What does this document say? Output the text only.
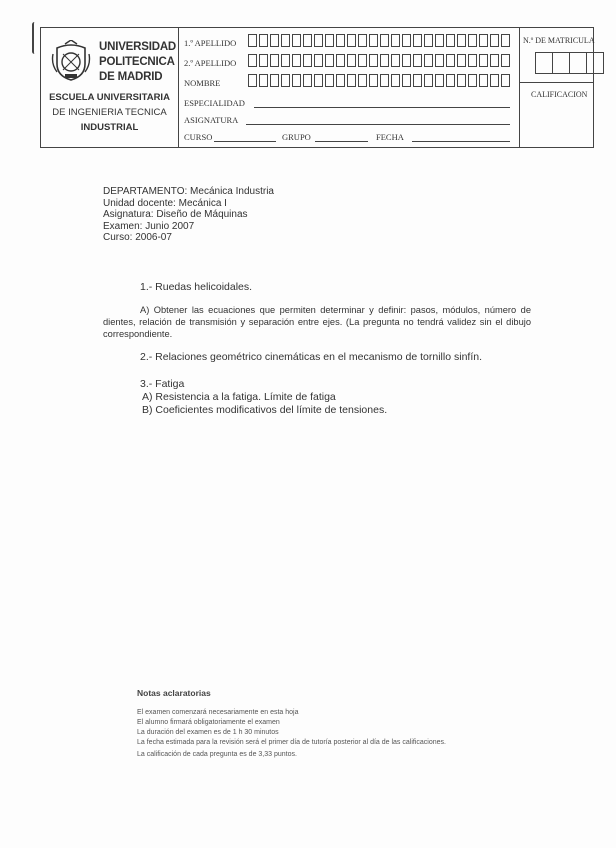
UNIVERSIDAD
POLITECNICA
DE MADRID
ESCUELA UNIVERSITARIA
DE INGENIERIA TECNICA
INDUSTRIAL
1.º APELLIDO
2.º APELLIDO
NOMBRE
ESPECIALIDAD
ASIGNATURA
CURSO	GRUPO	FECHA
N.º DE MATRICULA
CALIFICACION
DEPARTAMENTO: Mecánica Industria
Unidad docente: Mecánica I
Asignatura: Diseño de Máquinas
Examen: Junio 2007
Curso: 2006-07
1.- Ruedas helicoidales.
A) Obtener las ecuaciones que permiten determinar y definir: pasos, módulos, número de dientes, relación de transmisión y separación entre ejes. (La pregunta no tendrá validez sin el dibujo correspondiente.
2.- Relaciones geométrico cinemáticas en el mecanismo de tornillo sinfín.
3.- Fatiga
A) Resistencia a la fatiga. Límite de fatiga
B) Coeficientes modificativos del límite de tensiones.
Notas aclaratorias
El examen comenzará necesariamente en esta hoja
El alumno firmará obligatoriamente el examen
La duración del examen es de 1 h 30 minutos
La fecha estimada para la revisión será el primer día de tutoría posterior al día de las calificaciones.
La calificación de cada pregunta es de 3,33 puntos.
